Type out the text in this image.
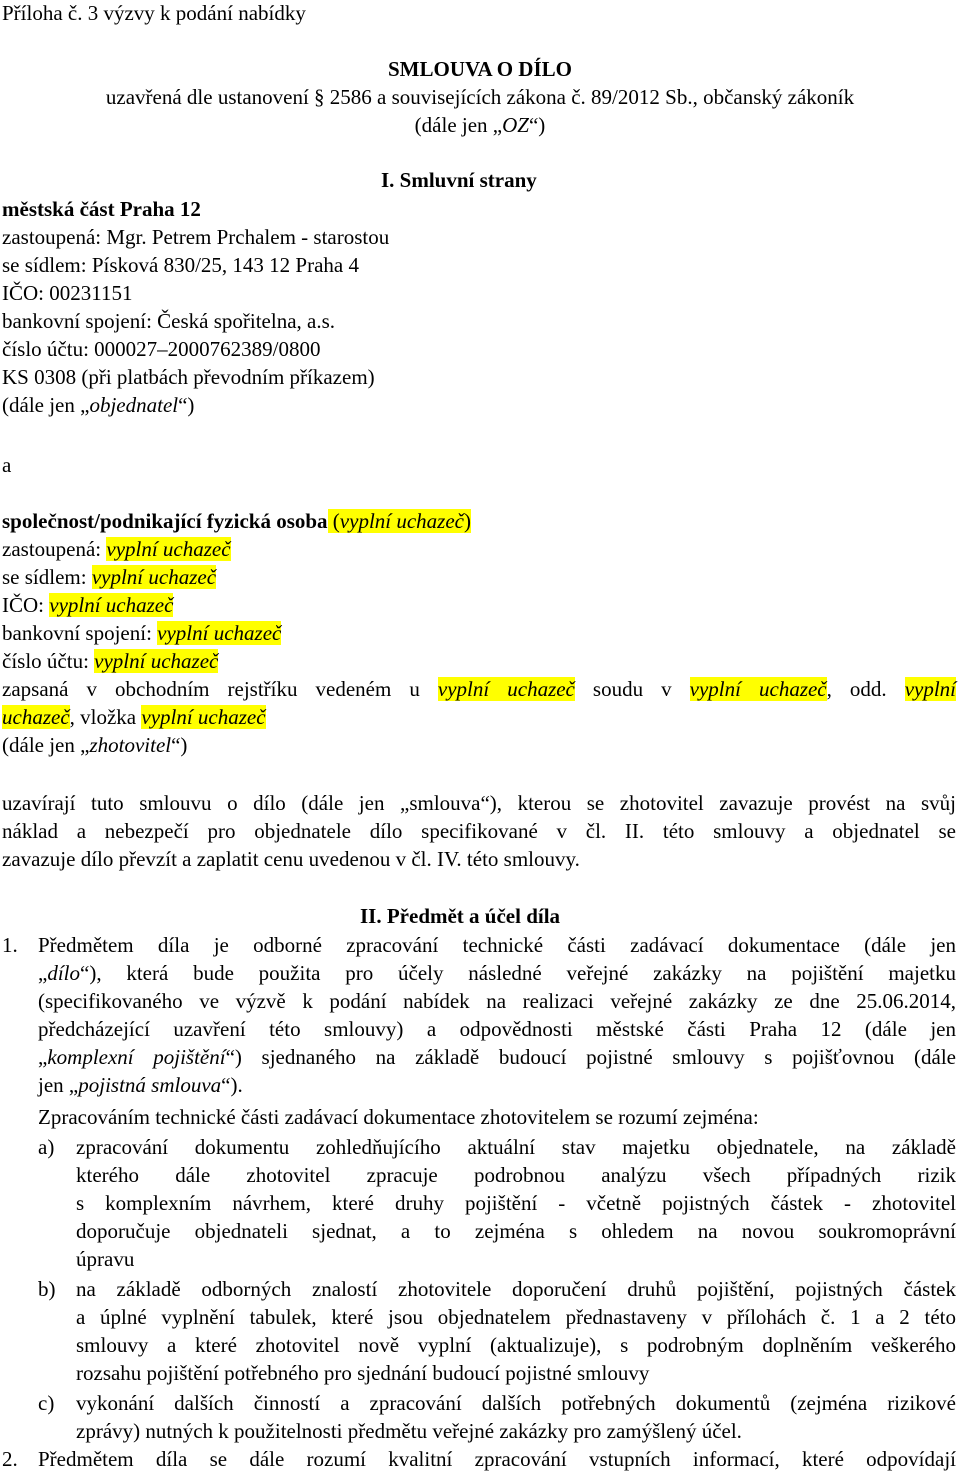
Příloha č. 3 výzvy k podání nabídky
SMLOUVA O DÍLO
uzavřená dle ustanovení § 2586 a souvisejících zákona č. 89/2012 Sb., občanský zákoník
(dále jen „OZ“)
I. Smluvní strany
městská část Praha 12
zastoupená: Mgr. Petrem Prchalem - starostou
se sídlem: Písková 830/25, 143 12 Praha 4
IČO: 00231151
bankovní spojení: Česká spořitelna, a.s.
číslo účtu: 000027–2000762389/0800
KS 0308 (při platbách převodním příkazem)
(dále jen „objednatel“)
a
společnost/podnikající fyzická osoba (vyplní uchazeč)
zastoupená: vyplní uchazeč
se sídlem: vyplní uchazeč
IČO: vyplní uchazeč
bankovní spojení: vyplní uchazeč
číslo účtu: vyplní uchazeč
zapsaná v obchodním rejstříku vedeném u vyplní uchazeč soudu v vyplní uchazeč, odd. vyplní
uchazeč, vložka vyplní uchazeč
(dále jen „zhotovitel“)
uzavírají tuto smlouvu o dílo (dále jen „smlouva“), kterou se zhotovitel zavazuje provést na svůj
náklad a nebezpečí pro objednatele dílo specifikované v čl. II. této smlouvy a objednatel se
zavazuje dílo převzít a zaplatit cenu uvedenou v čl. IV. této smlouvy.
II. Předmět a účel díla
1. Předmětem díla je odborné zpracování technické části zadávací dokumentace (dále jen
„dílo“), která bude použita pro účely následné veřejné zakázky na pojištění majetku
(specifikovaného ve výzvě k podání nabídek na realizaci veřejné zakázky ze dne 25.06.2014,
předcházející uzavření této smlouvy) a odpovědnosti městské části Praha 12 (dále jen
„komplexní pojištění“) sjednaného na základě budoucí pojistné smlouvy s pojišťovnou (dále
jen „pojistná smlouva“).
Zpracováním technické části zadávací dokumentace zhotovitelem se rozumí zejména:
a) zpracování dokumentu zohledňujícího aktuální stav majetku objednatele, na základě
kterého dále zhotovitel zpracuje podrobnou analýzu všech případných rizik
s komplexním návrhem, které druhy pojištění - včetně pojistných částek - zhotovitel
doporučuje objednateli sjednat, a to zejména s ohledem na novou soukromoprávní
úpravu
b) na základě odborných znalostí zhotovitele doporučení druhů pojištění, pojistných částek
a úplné vyplnění tabulek, které jsou objednatelem přednastaveny v přílohách č. 1 a 2 této
smlouvy a které zhotovitel nově vyplní (aktualizuje), s podrobným doplněním veškerého
rozsahu pojištění potřebného pro sjednání budoucí pojistné smlouvy
c) vykonání dalších činností a zpracování dalších potřebných dokumentů (zejména rizikové
zprávy) nutných k použitelnosti předmětu veřejné zakázky pro zamýšlený účel.
2. Předmětem díla se dále rozumí kvalitní zpracování vstupních informací, které odpovídají
